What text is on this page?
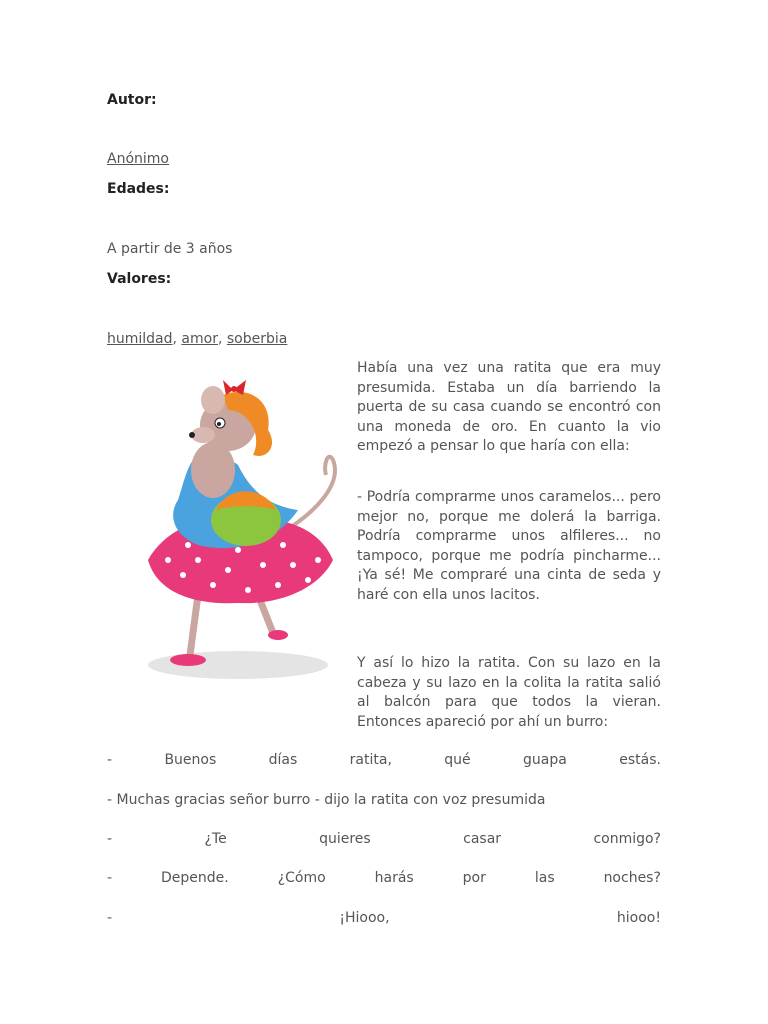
Autor:
Anónimo
Edades:
A partir de 3 años
Valores:
humildad, amor, soberbia

Había una vez una ratita que era muy presumida. Estaba un día barriendo la puerta de su casa cuando se encontró con una moneda de oro. En cuanto la vio empezó a pensar lo que haría con ella:

- Podría comprarme unos caramelos... pero mejor no, porque me dolerá la barriga. Podría comprarme unos alfileres... no tampoco, porque me podría pincharme... ¡Ya sé! Me compraré una cinta de seda y haré con ella unos lacitos.

Y así lo hizo la ratita. Con su lazo en la cabeza y su lazo en la colita la ratita salió al balcón para que todos la vieran. Entonces apareció por ahí un burro:

-	Buenos	días	ratita,	qué	guapa	estás.
- Muchas gracias señor burro - dijo la ratita con voz presumida
-	¿Te	quieres	casar	conmigo?
-	Depende.	¿Cómo	harás	por	las	noches?
-	¡Hiooo,	hiooo!
